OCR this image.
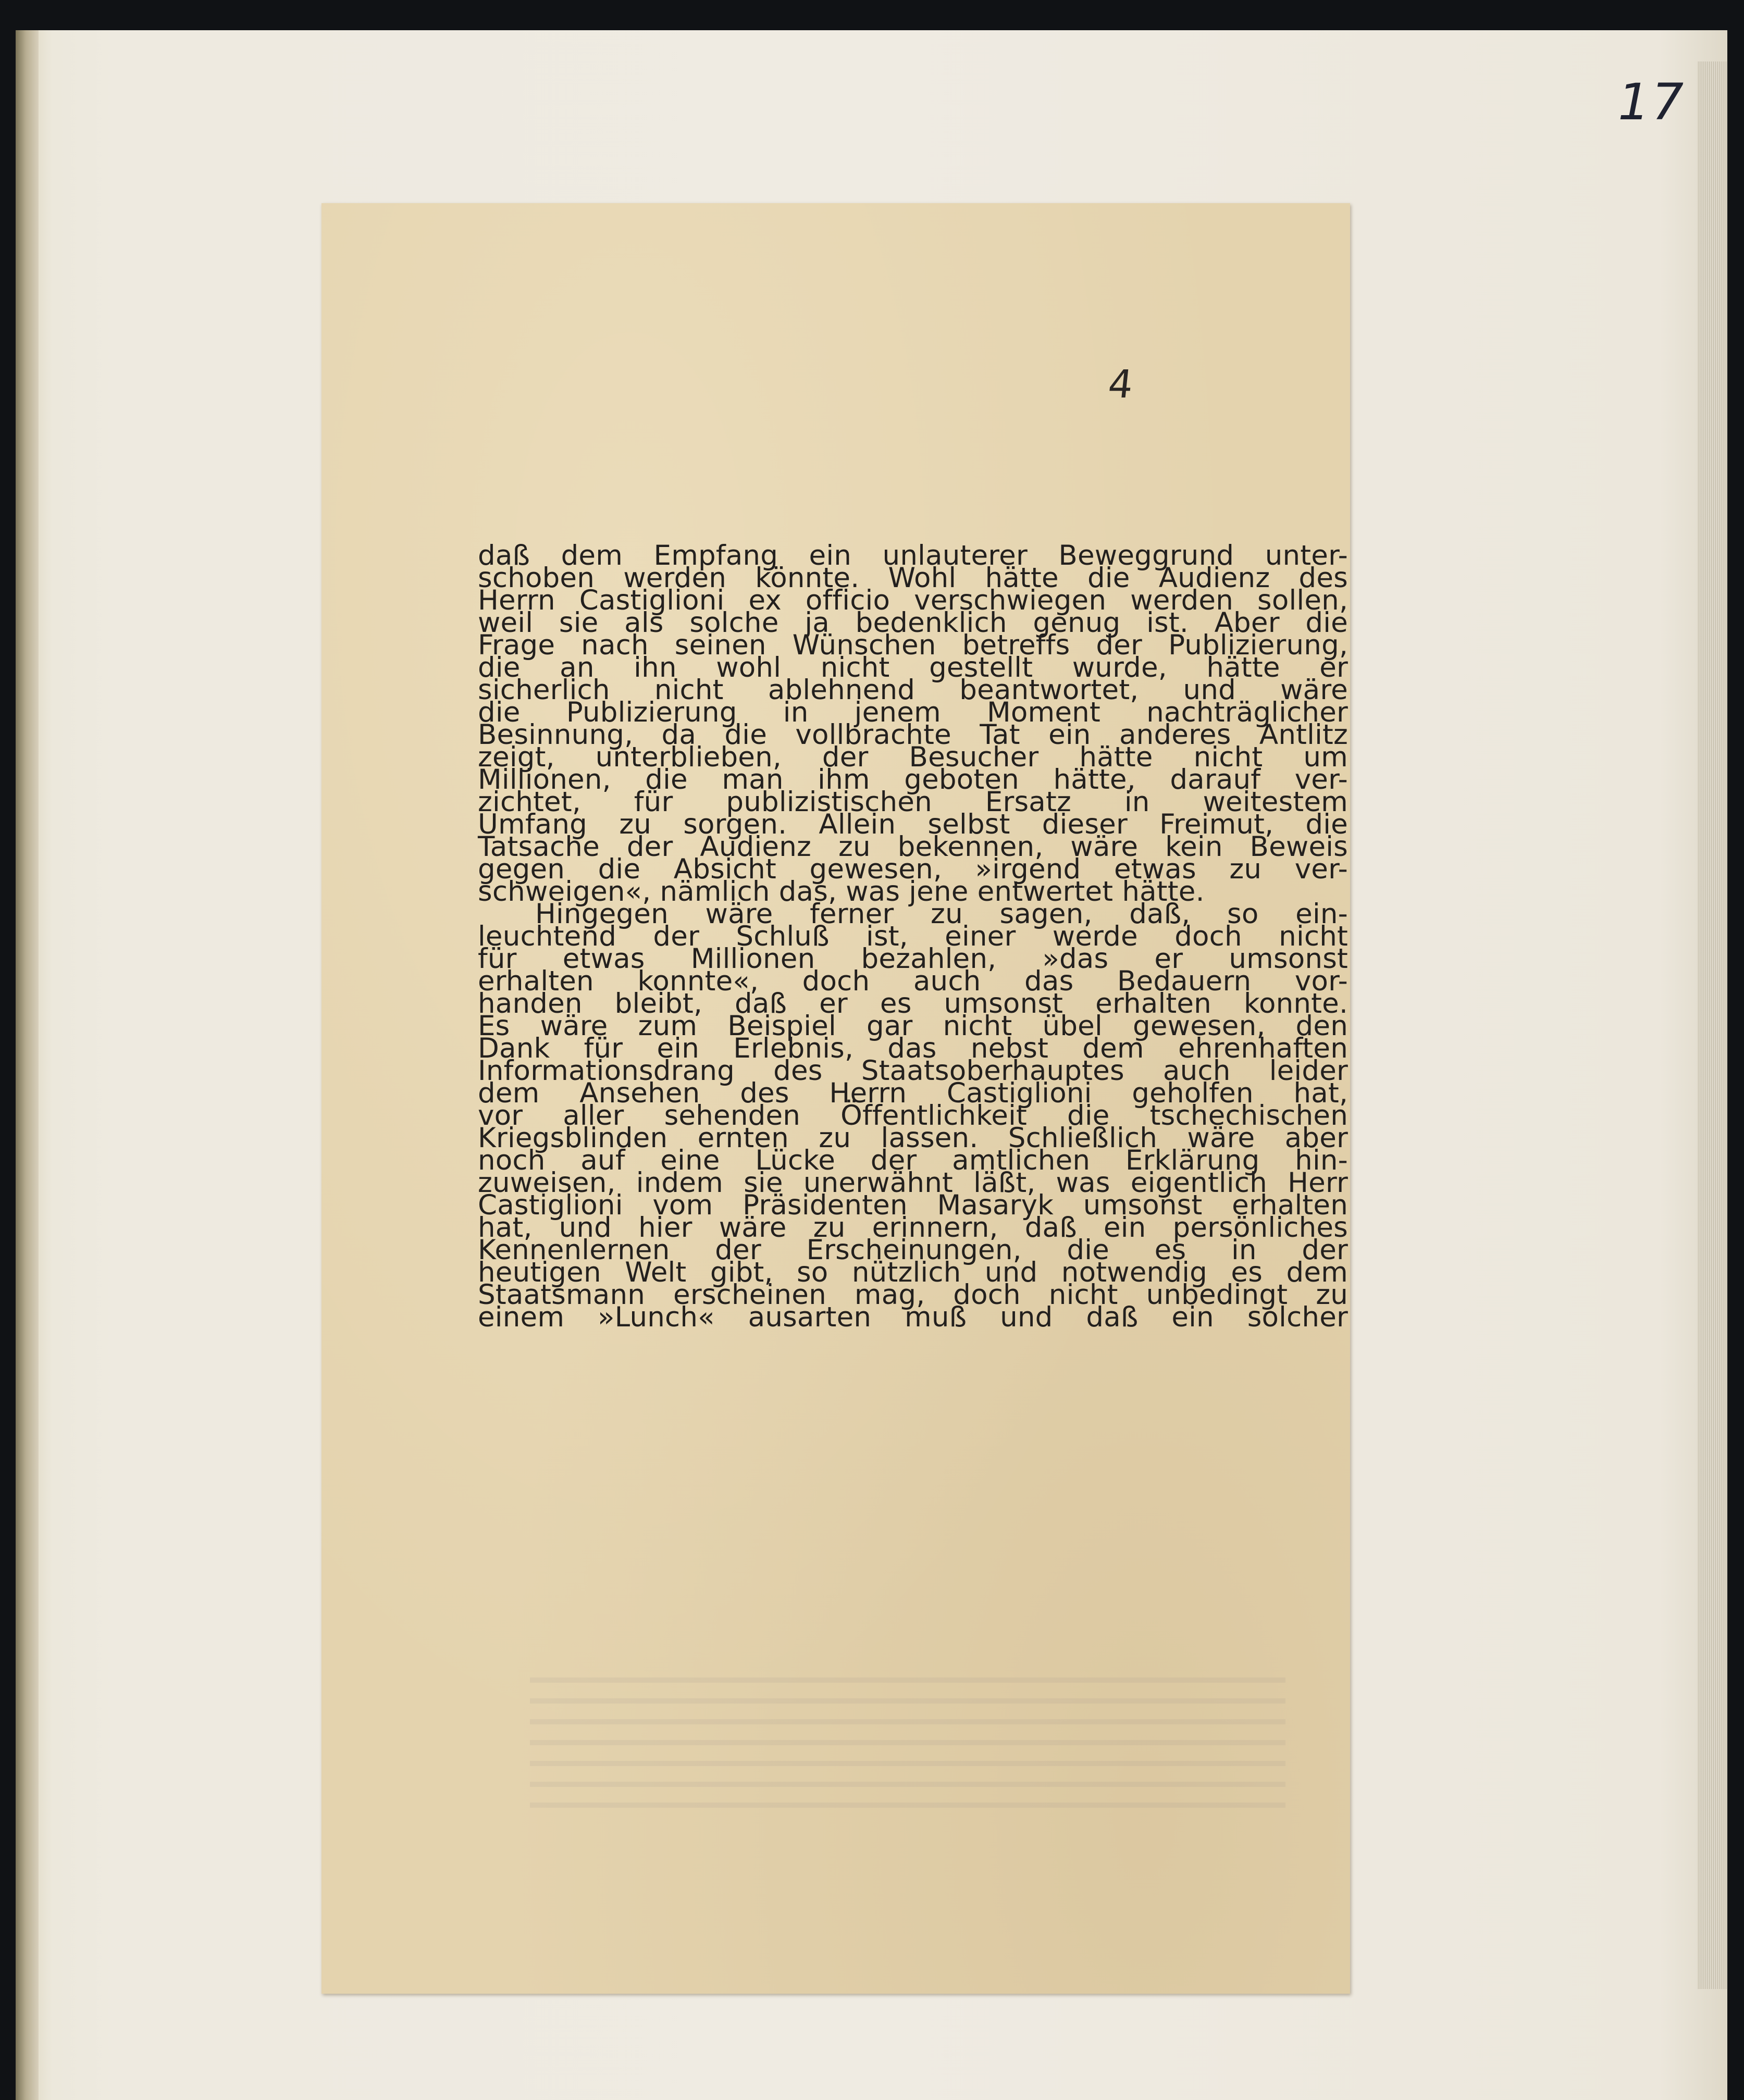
17
4
daß dem Empfang ein unlauterer Beweggrund unter-
schoben werden könnte. Wohl hätte die Audienz des
Herrn Castiglioni ex officio verschwiegen werden sollen,
weil sie als solche ja bedenklich genug ist. Aber die
Frage nach seinen Wünschen betreffs der Publizierung,
die an ihn wohl nicht gestellt wurde, hätte er
sicherlich nicht ablehnend beantwortet, und wäre
die Publizierung in jenem Moment nachträglicher
Besinnung, da die vollbrachte Tat ein anderes Antlitz
zeigt, unterblieben, der Besucher hätte nicht um
Millionen, die man ihm geboten hätte, darauf ver-
zichtet, für publizistischen Ersatz in weitestem
Umfang zu sorgen. Allein selbst dieser Freimut, die
Tatsache der Audienz zu bekennen, wäre kein Beweis
gegen die Absicht gewesen, »irgend etwas zu ver-
schweigen«, nämlich das, was jene entwertet hätte.
Hingegen wäre ferner zu sagen, daß, so ein-
leuchtend der Schluß ist, einer werde doch nicht
für etwas Millionen bezahlen, »das er umsonst
erhalten konnte«, doch auch das Bedauern vor-
handen bleibt, daß er es umsonst erhalten konnte.
Es wäre zum Beispiel gar nicht übel gewesen, den
Dank für ein Erlebnis, das nebst dem ehrenhaften
Informationsdrang des Staatsoberhauptes auch leider
dem Ansehen des Herrn Castiglioni geholfen hat,
vor aller sehenden Öffentlichkeit die tschechischen
Kriegsblinden ernten zu lassen. Schließlich wäre aber
noch auf eine Lücke der amtlichen Erklärung hin-
zuweisen, indem sie unerwähnt läßt, was eigentlich Herr
Castiglioni vom Präsidenten Masaryk umsonst erhalten
hat, und hier wäre zu erinnern, daß ein persönliches
Kennenlernen der Erscheinungen, die es in der
heutigen Welt gibt, so nützlich und notwendig es dem
Staatsmann erscheinen mag, doch nicht unbedingt zu
einem »Lunch« ausarten muß und daß ein solcher
